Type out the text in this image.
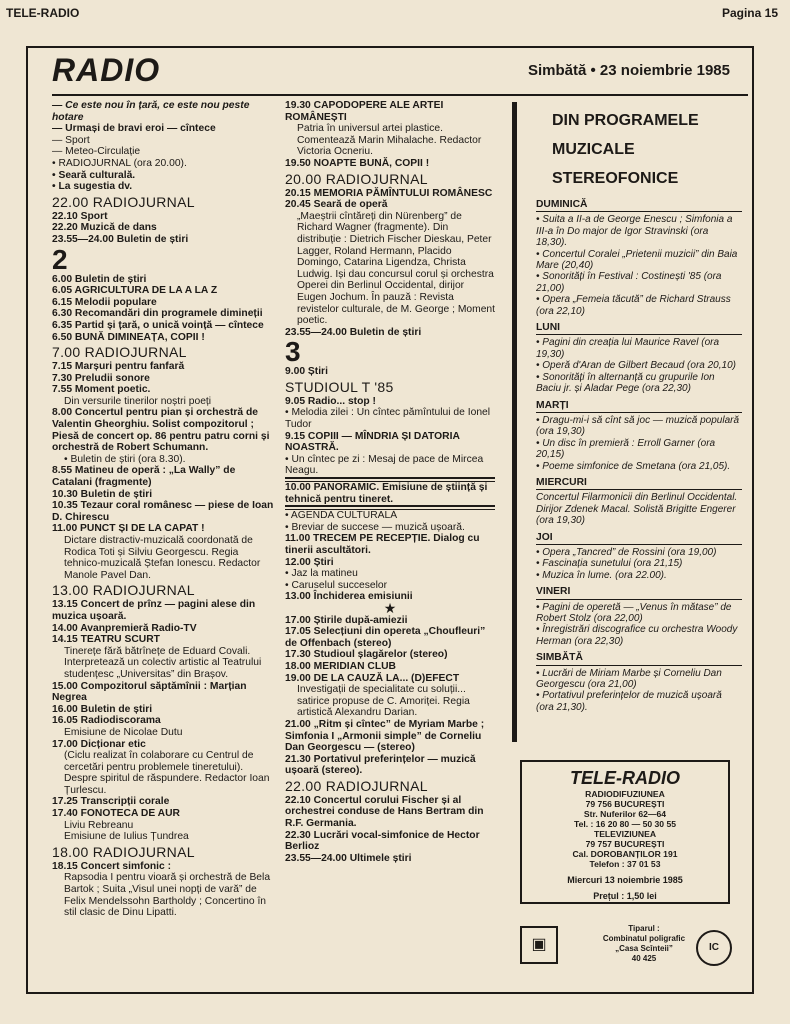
TELE-RADIO	Pagina 15
RADIO	Simbătă • 23 noiembrie 1985
— Ce este nou în țară, ce este nou peste hotare
— Urmași de bravi eroi — cîntece
— Sport
— Meteo-Circulație
• RADIOJURNAL (ora 20.00).
• Seară culturală.
• La sugestia dv.
22.00 RADIOJURNAL
22.10 Sport
22.20 Muzică de dans
23.55—24.00 Buletin de știri
2
6.00 Buletin de știri
6.05 AGRICULTURA DE LA A LA Z
6.15 Melodii populare
6.30 Recomandări din programele dimineții
6.35 Partid și țară, o unică voință — cîntece
6.50 BUNĂ DIMINEAȚA, COPII !
7.00 RADIOJURNAL
7.15 Marșuri pentru fanfară
7.30 Preludii sonore
7.55 Moment poetic.
Din versurile tinerilor noștri poeți
8.00 Concertul pentru pian și orchestră de Valentin Gheorghiu. Solist compozitorul ; Piesă de concert op. 86 pentru patru corni și orchestră de Robert Schumann.
• Buletin de știri (ora 8.30).
8.55 Matineu de operă : „La Wally” de Catalani (fragmente)
10.30 Buletin de știri
10.35 Tezaur coral românesc — piese de Ioan D. Chirescu
11.00 PUNCT ȘI DE LA CAPAT !
Dictare distractiv-muzicală coordonată de Rodica Toti și Silviu Georgescu. Regia tehnico-muzicală Ștefan Ionescu. Redactor Manole Pavel Dan.
13.00 RADIOJURNAL
13.15 Concert de prînz — pagini alese din muzica ușoară.
14.00 Avanpremieră Radio-TV
14.15 TEATRU SCURT
Tinerețe fără bătrînețe de Eduard Covali. Interpretează un colectiv artistic al Teatrului studențesc „Universitas” din Brașov.
15.00 Compozitorul săptămînii : Marțian Negrea
16.00 Buletin de știri
16.05 Radiodiscorama
Emisiune de Nicolae Dutu
17.00 Dicționar etic
(Ciclu realizat în colaborare cu Centrul de cercetări pentru problemele tineretului). Despre spiritul de răspundere. Redactor Ioan Țurlescu.
17.25 Transcripții corale
17.40 FONOTECA DE AUR
Liviu Rebreanu
Emisiune de Iulius Țundrea
18.00 RADIOJURNAL
18.15 Concert simfonic :
Rapsodia I pentru vioară și orchestră de Bela Bartok ; Suita „Visul unei nopți de vară” de Felix Mendelssohn Bartholdy ; Concertino în stil clasic de Dinu Lipatti.
19.30 CAPODOPERE ALE ARTEI ROMÂNEȘTI
Patria în universul artei plastice. Comentează Marin Mihalache. Redactor Victoria Ocneriu.
19.50 NOAPTE BUNĂ, COPII !
20.00 RADIOJURNAL
20.15 MEMORIA PĂMÎNTULUI ROMÂNESC
20.45 Seară de operă
„Maeștrii cîntăreți din Nürenberg” de Richard Wagner (fragmente). Din distribuție : Dietrich Fischer Dieskau, Peter Lagger, Roland Hermann, Placido Domingo, Catarina Ligendza, Christa Ludwig. Iși dau concursul corul și orchestra Operei din Berlinul Occidental, dirijor Eugen Jochum. În pauză : Revista revistelor culturale, de M. George ; Moment poetic.
23.55—24.00 Buletin de știri
3
9.00 Știri
STUDIOUL T '85
9.05 Radio... stop !
• Melodia zilei : Un cîntec pămîntului de Ionel Tudor
9.15 COPIII — MÎNDRIA ȘI DATORIA NOASTRĂ.
• Un cîntec pe zi : Mesaj de pace de Mircea Neagu.
10.00 PANORAMIC. Emisiune de știință și tehnică pentru tineret.
• AGENDA CULTURALĂ
• Breviar de succese — muzică ușoară.
11.00 TRECEM PE RECEPȚIE. Dialog cu tinerii ascultători.
12.00 Știri
• Jaz la matineu
• Caruselul succeselor
13.00 Închiderea emisiunii
★
17.00 Știrile după-amiezii
17.05 Selecțiuni din opereta „Choufleuri” de Offenbach (stereo)
17.30 Studioul șlagărelor (stereo)
18.00 MERIDIAN CLUB
19.00 DE LA CAUZĂ LA... (D)EFECT
Investigații de specialitate cu soluții... satirice propuse de C. Amoriței. Regia artistică Alexandru Darian.
21.00 „Ritm și cîntec” de Myriam Marbe ; Simfonia I „Armonii simple” de Corneliu Dan Georgescu — (stereo)
21.30 Portativul preferințelor — muzică ușoară (stereo).
22.00 RADIOJURNAL
22.10 Concertul corului Fischer și al orchestrei conduse de Hans Bertram din R.F. Germania.
22.30 Lucrări vocal-simfonice de Hector Berlioz
23.55—24.00 Ultimele știri
DIN PROGRAMELE MUZICALE STEREOFONICE
DUMINICĂ
• Suita a II-a de George Enescu ; Simfonia a III-a în Do major de Igor Stravinski (ora 18,30).
• Concertul Coralei „Prietenii muzicii” din Baia Mare (20,40)
• Sonorități în Festival : Costinești '85 (ora 21,00)
• Opera „Femeia tăcută” de Richard Strauss (ora 22,10)
LUNI
• Pagini din creația lui Maurice Ravel (ora 19,30)
• Operă d'Aran de Gilbert Becaud (ora 20,10)
• Sonorități în alternanță cu grupurile Ion Baciu jr. și Aladar Pege (ora 22,30)
MARȚI
• Dragu-mi-i să cînt să joc — muzică populară (ora 19,30)
• Un disc în premieră : Erroll Garner (ora 20,15)
• Poeme simfonice de Smetana (ora 21,05).
MIERCURI
Concertul Filarmonicii din Berlinul Occidental. Dirijor Zdenek Macal. Solistă Brigitte Engerer (ora 19,30)
JOI
• Opera „Tancred” de Rossini (ora 19,00)
• Fascinația sunetului (ora 21,15)
• Muzica în lume. (ora 22.00).
VINERI
• Pagini de operetă — „Venus în mătase” de Robert Stolz (ora 22,00)
• Înregistrări discografice cu orchestra Woody Herman (ora 22,30)
SIMBĂTĂ
• Lucrări de Miriam Marbe și Corneliu Dan Georgescu (ora 21,00)
• Portativul preferințelor de muzică ușoară (ora 21,30).
TELE-RADIO
RADIODIFUZIUNEA
79 756 BUCUREȘTI
Str. Nuferilor 62—64
Tel. : 16 20 80 — 50 30 55
TELEVIZIUNEA
79 757 BUCUREȘTI
Cal. DOROBANȚILOR 191
Telefon : 37 01 53
Miercuri 13 noiembrie 1985
Prețul : 1,50 lei
▣
Tiparul :
Combinatul poligrafic
„Casa Scînteii”
40 425
IC
